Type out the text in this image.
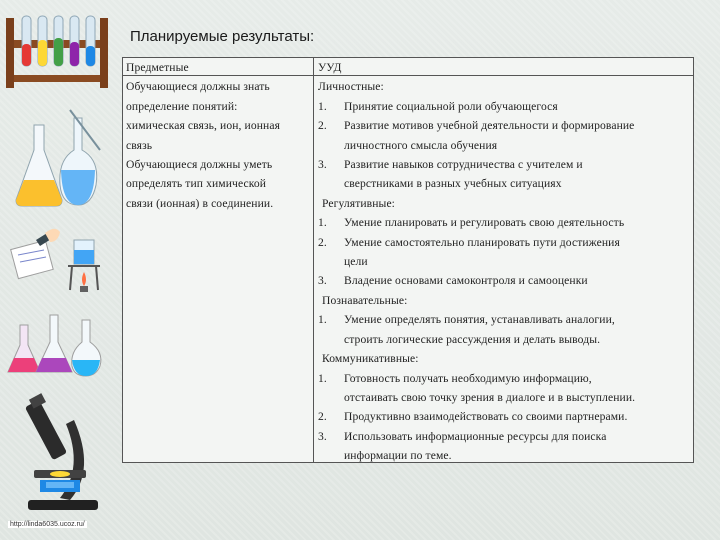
Планируемые результаты:
Предметные
Обучающиеся должны знать
определение понятий:
химическая связь, ион, ионная
связь
Обучающиеся должны уметь
определять тип химической
связи (ионная) в соединении.
УУД
Личностные:
1. Принятие социальной роли обучающегося
2. Развитие мотивов учебной деятельности и формирование
личностного смысла обучения
3. Развитие навыков сотрудничества с учителем и
сверстниками в разных учебных ситуациях
Регулятивные:
1. Умение планировать и регулировать свою деятельность
2. Умение самостоятельно планировать пути достижения
цели
3. Владение основами самоконтроля и самооценки
Познавательные:
1. Умение определять понятия, устанавливать аналогии,
строить логические рассуждения и делать выводы.
Коммуникативные:
1. Готовность получать необходимую информацию,
отстаивать свою точку зрения в диалоге и в выступлении.
2. Продуктивно взаимодействовать со своими партнерами.
3. Использовать информационные ресурсы для поиска
информации по теме.
http://linda6035.ucoz.ru/
